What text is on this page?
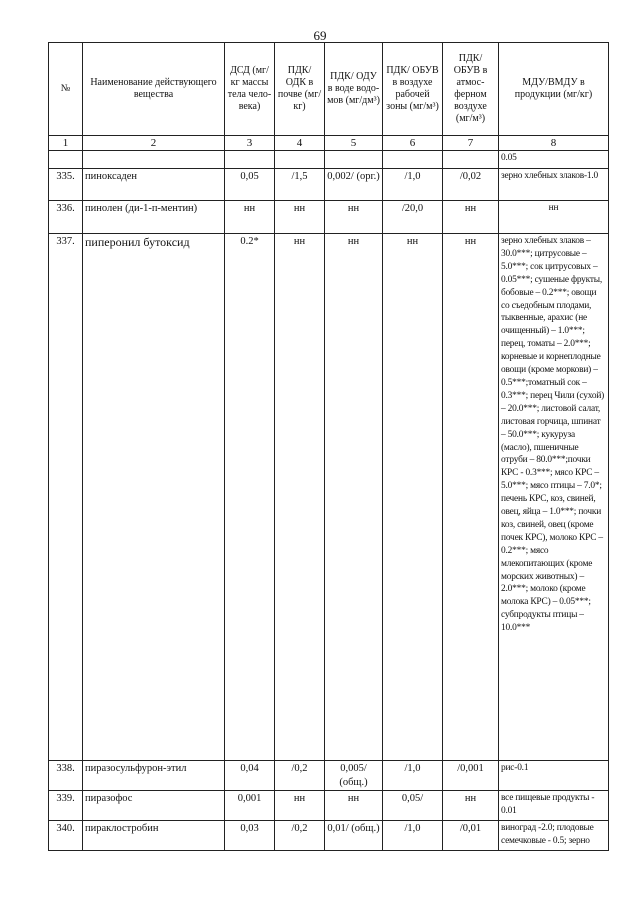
69
№	Наименование действующего вещества	ДСД (мг/кг массы тела чело-века)	ПДК/ ОДК в почве (мг/кг)	ПДК/ ОДУ в воде водо-мов (мг/дм³)	ПДК/ ОБУВ в воздухе рабочей зоны (мг/м³)	ПДК/ ОБУВ в атмос-ферном воздухе (мг/м³)	МДУ/ВМДУ в продукции (мг/кг)
1	2	3	4	5	6	7	8
							0.05
335.	пиноксаден	0,05	/1,5	0,002/ (орг.)	/1,0	/0,02	зерно хлебных злаков-1.0
336.	пинолен (ди-1-п-ментин)	нн	нн	нн	/20,0	нн	нн
337.	пиперонил бутоксид	0.2*	нн	нн	нн	нн	зерно хлебных злаков – 30.0***; цитрусовые – 5.0***; сок цитрусовых – 0.05***; сушеные фрукты, бобовые – 0.2***; овощи со съедобным плодами, тыквенные, арахис (не очищенный) – 1.0***; перец, томаты – 2.0***; корневые и корнеплодные овощи (кроме моркови) – 0.5***;томатный сок – 0.3***; перец Чили (сухой) – 20.0***; листовой салат, листовая горчица, шпинат – 50.0***; кукуруза (масло), пшеничные отруби – 80.0***;почки КРС - 0.3***; мясо КРС – 5.0***; мясо птицы – 7.0*; печень КРС, коз, свиней, овец, яйца – 1.0***; почки коз, свиней, овец (кроме почек КРС), молоко КРС – 0.2***; мясо млекопитающих (кроме морских животных) – 2.0***; молоко (кроме молока КРС) – 0.05***; субпродукты птицы – 10.0***
338.	пиразосульфурон-этил	0,04	/0,2	0,005/ (общ.)	/1,0	/0,001	рис-0.1
339.	пиразофос	0,001	нн	нн	0,05/	нн	все пищевые продукты - 0.01
340.	пираклостробин	0,03	/0,2	0,01/ (общ.)	/1,0	/0,01	виноград -2.0; плодовые семечковые - 0.5; зерно
